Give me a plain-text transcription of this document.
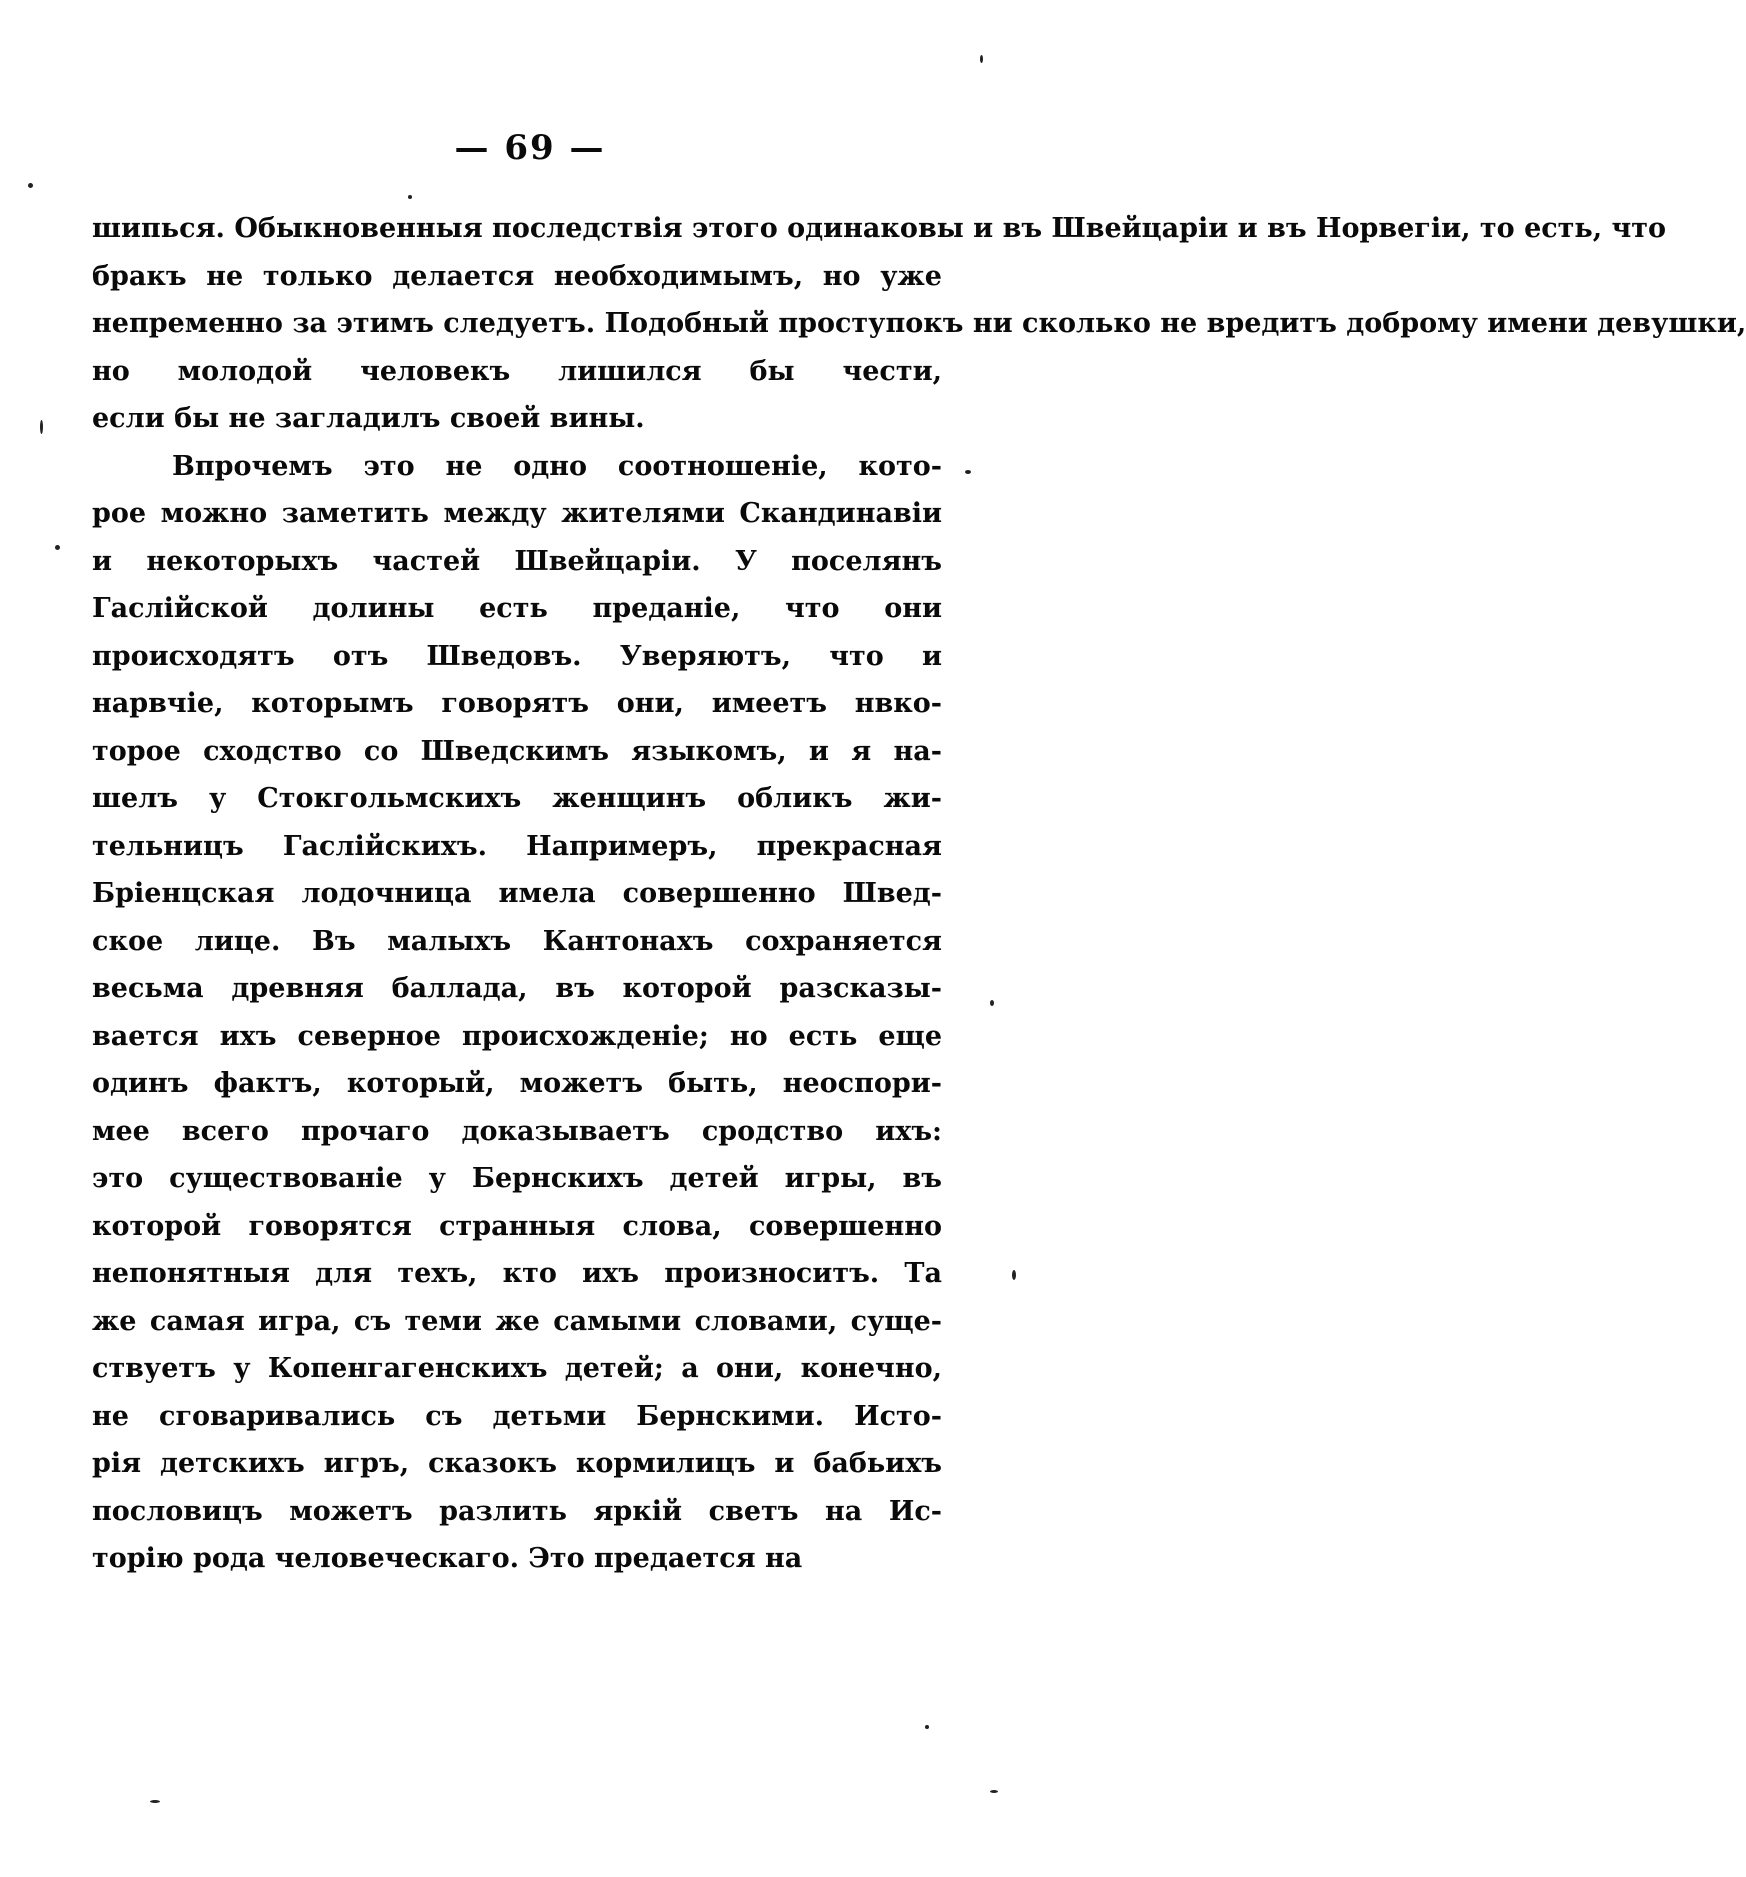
— 69 —
шипься. Обыкновенныя последствія этого одинаковы и въ Швейцаріи и въ Норвегіи, то есть, что
бракъ не только делается необходимымъ, но уже
непременно за этимъ следуетъ. Подобный проступокъ ни сколько не вредитъ доброму имени девушки,
но молодой человекъ лишился бы чести,
если бы не загладилъ своей вины.
Впрочемъ это не одно соотношеніе, кото-
рое можно заметить между жителями Скандинавіи
и некоторыхъ частей Швейцаріи. У поселянъ
Гаслійской долины есть преданіе, что они
происходятъ отъ Шведовъ. Уверяютъ, что и
нарвчіе, которымъ говорятъ они, имеетъ нвко-
торое сходство со Шведскимъ языкомъ, и я на-
шелъ у Стокгольмскихъ женщинъ обликъ жи-
тельницъ Гаслійскихъ. Напримеръ, прекрасная
Бріенцская лодочница имела совершенно Швед-
ское лице. Въ малыхъ Кантонахъ сохраняется
весьма древняя баллада, въ которой разсказы-
вается ихъ северное происхожденіе; но есть еще
одинъ фактъ, который, можетъ быть, неоспори-
мее всего прочаго доказываетъ сродство ихъ:
это существованіе у Бернскихъ детей игры, въ
которой говорятся странныя слова, совершенно
непонятныя для техъ, кто ихъ произноситъ. Та
же самая игра, съ теми же самыми словами, суще-
ствуетъ у Копенгагенскихъ детей; а они, конечно,
не сговаривались съ детьми Бернскими. Исто-
рія детскихъ игръ, сказокъ кормилицъ и бабьихъ
пословицъ можетъ разлить яркій светъ на Ис-
торію рода человеческаго. Это предается на
